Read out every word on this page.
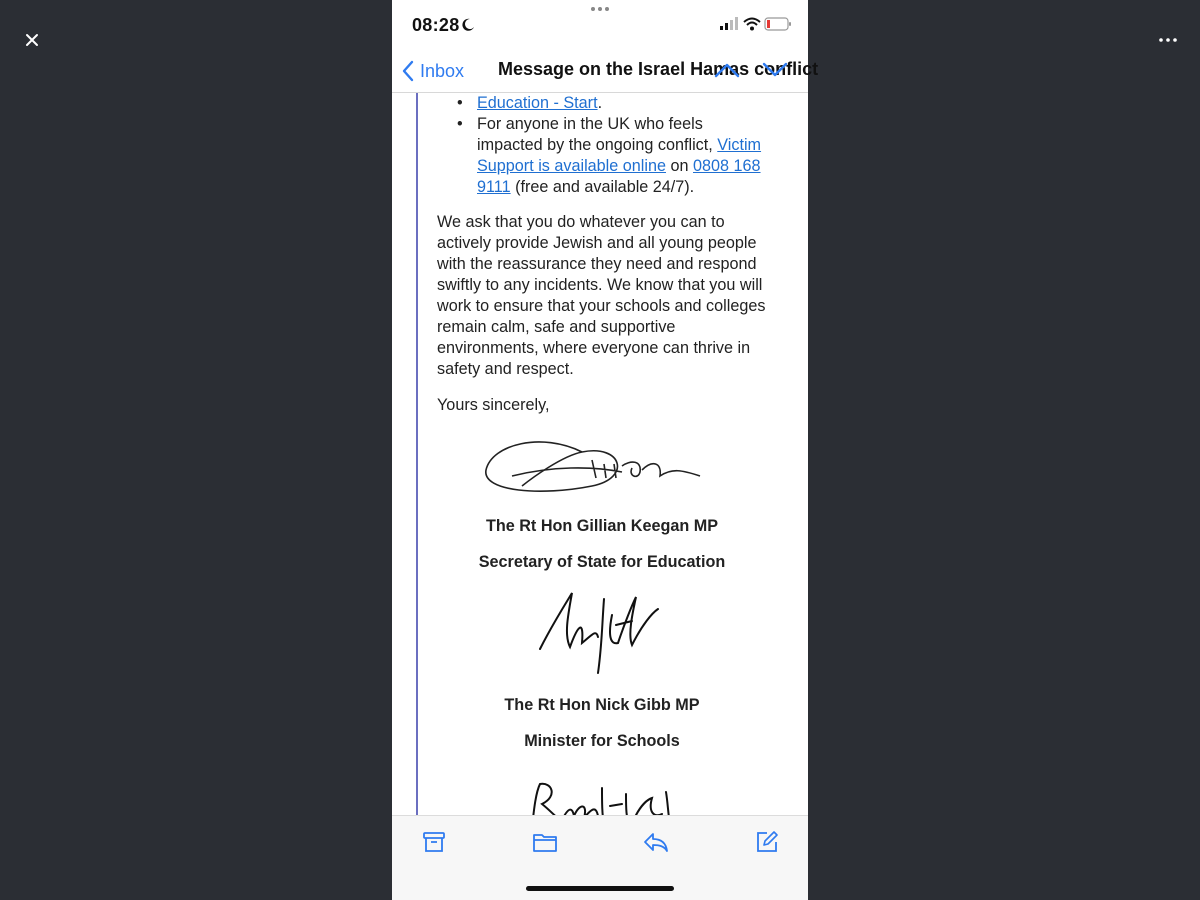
08:28
Inbox Message on the Israel Hamas conflict
• Education - Start.
• For anyone in the UK who feels impacted by the ongoing conflict, Victim Support is available online on 0808 168 9111 (free and available 24/7).

We ask that you do whatever you can to actively provide Jewish and all young people with the reassurance they need and respond swiftly to any incidents. We know that you will work to ensure that your schools and colleges remain calm, safe and supportive environments, where everyone can thrive in safety and respect.

Yours sincerely,

The Rt Hon Gillian Keegan MP
Secretary of State for Education
The Rt Hon Nick Gibb MP
Minister for Schools
